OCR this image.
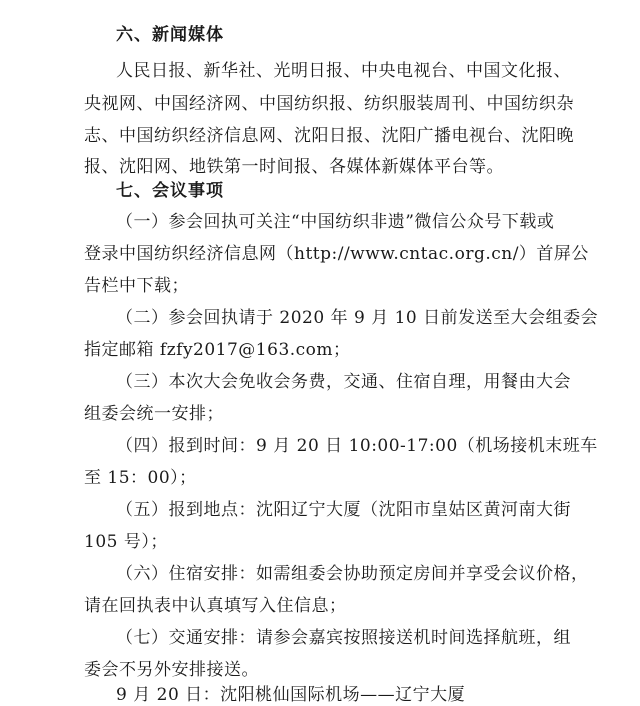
六、新闻媒体
人民日报、新华社、光明日报、中央电视台、中国文化报、
央视网、中国经济网、中国纺织报、纺织服装周刊、中国纺织杂
志、中国纺织经济信息网、沈阳日报、沈阳广播电视台、沈阳晚
报、沈阳网、地铁第一时间报、各媒体新媒体平台等。
七、会议事项
（一）参会回执可关注“中国纺织非遗”微信公众号下载或
登录中国纺织经济信息网（http://www.cntac.org.cn/）首屏公
告栏中下载；
（二）参会回执请于 2020 年 9 月 10 日前发送至大会组委会
指定邮箱 fzfy2017@163.com；
（三）本次大会免收会务费，交通、住宿自理，用餐由大会
组委会统一安排；
（四）报到时间：9 月 20 日 10:00-17:00（机场接机末班车
至 15：00）；
（五）报到地点：沈阳辽宁大厦（沈阳市皇姑区黄河南大街
105 号）；
（六）住宿安排：如需组委会协助预定房间并享受会议价格，
请在回执表中认真填写入住信息；
（七）交通安排：请参会嘉宾按照接送机时间选择航班，组
委会不另外安排接送。
9 月 20 日：沈阳桃仙国际机场——辽宁大厦
